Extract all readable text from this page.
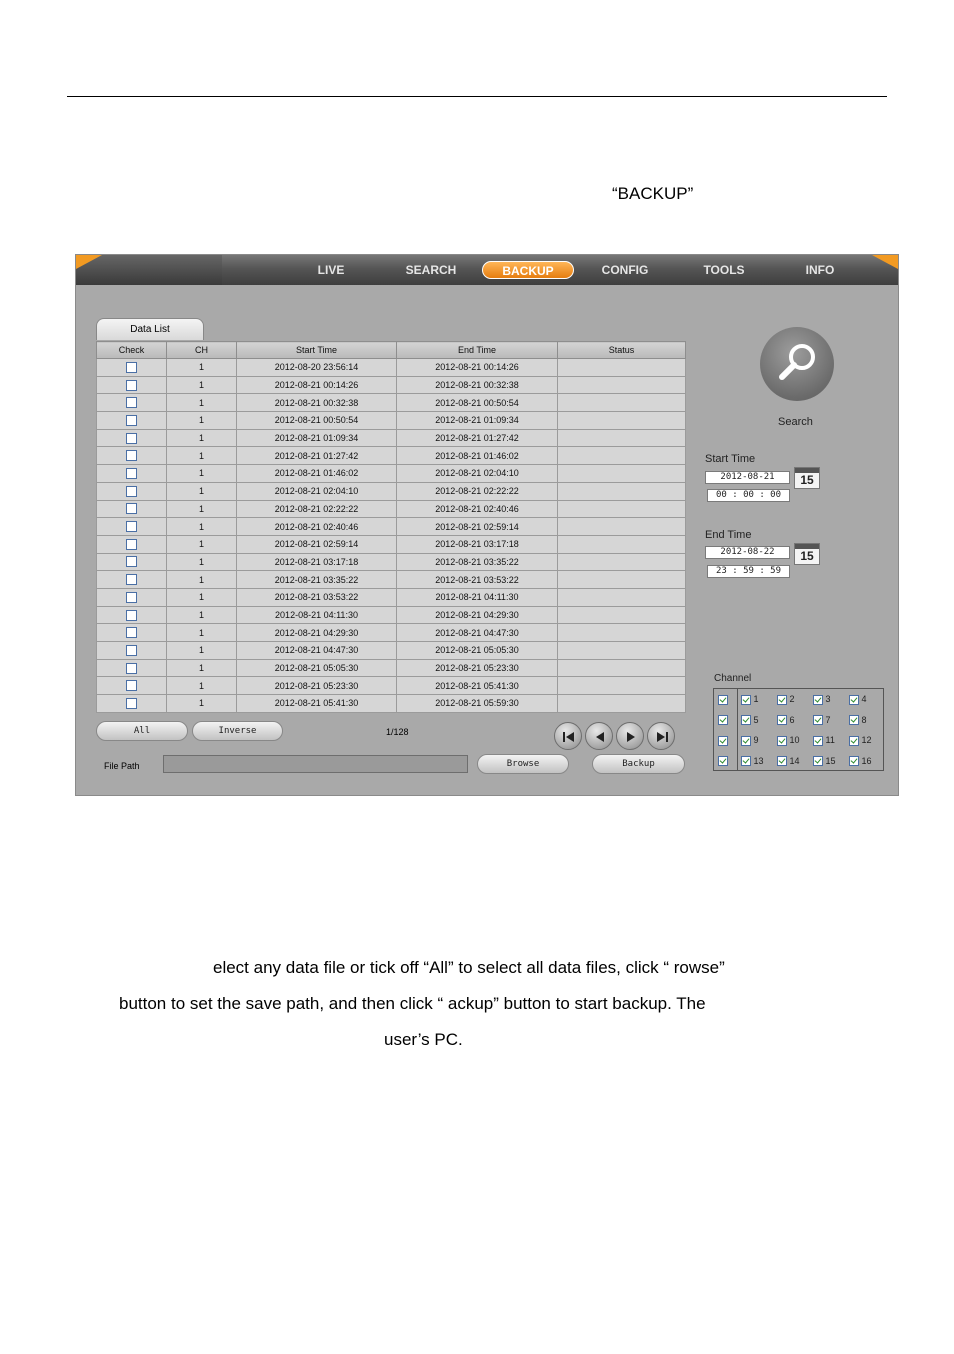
“BACKUP”
LIVE	SEARCH	BACKUP	CONFIG	TOOLS	INFO
Data List
Check	CH	Start Time	End Time	Status
	1	2012-08-20 23:56:14	2012-08-21 00:14:26	
	1	2012-08-21 00:14:26	2012-08-21 00:32:38	
	1	2012-08-21 00:32:38	2012-08-21 00:50:54	
	1	2012-08-21 00:50:54	2012-08-21 01:09:34	
	1	2012-08-21 01:09:34	2012-08-21 01:27:42	
	1	2012-08-21 01:27:42	2012-08-21 01:46:02	
	1	2012-08-21 01:46:02	2012-08-21 02:04:10	
	1	2012-08-21 02:04:10	2012-08-21 02:22:22	
	1	2012-08-21 02:22:22	2012-08-21 02:40:46	
	1	2012-08-21 02:40:46	2012-08-21 02:59:14	
	1	2012-08-21 02:59:14	2012-08-21 03:17:18	
	1	2012-08-21 03:17:18	2012-08-21 03:35:22	
	1	2012-08-21 03:35:22	2012-08-21 03:53:22	
	1	2012-08-21 03:53:22	2012-08-21 04:11:30	
	1	2012-08-21 04:11:30	2012-08-21 04:29:30	
	1	2012-08-21 04:29:30	2012-08-21 04:47:30	
	1	2012-08-21 04:47:30	2012-08-21 05:05:30	
	1	2012-08-21 05:05:30	2012-08-21 05:23:30	
	1	2012-08-21 05:23:30	2012-08-21 05:41:30	
	1	2012-08-21 05:41:30	2012-08-21 05:59:30	
All	Inverse	1/128
File Path	Browse	Backup
Search
Start Time
2012-08-21	15
00 : 00 : 00
End Time
2012-08-22	15
23 : 59 : 59
Channel
1	2	3	4
5	6	7	8
9	10	11	12
13	14	15	16
elect any data file or tick off “All” to select all data files, click “ rowse”
button to set the save path, and then click “ ackup” button to start backup. The
user’s PC.
